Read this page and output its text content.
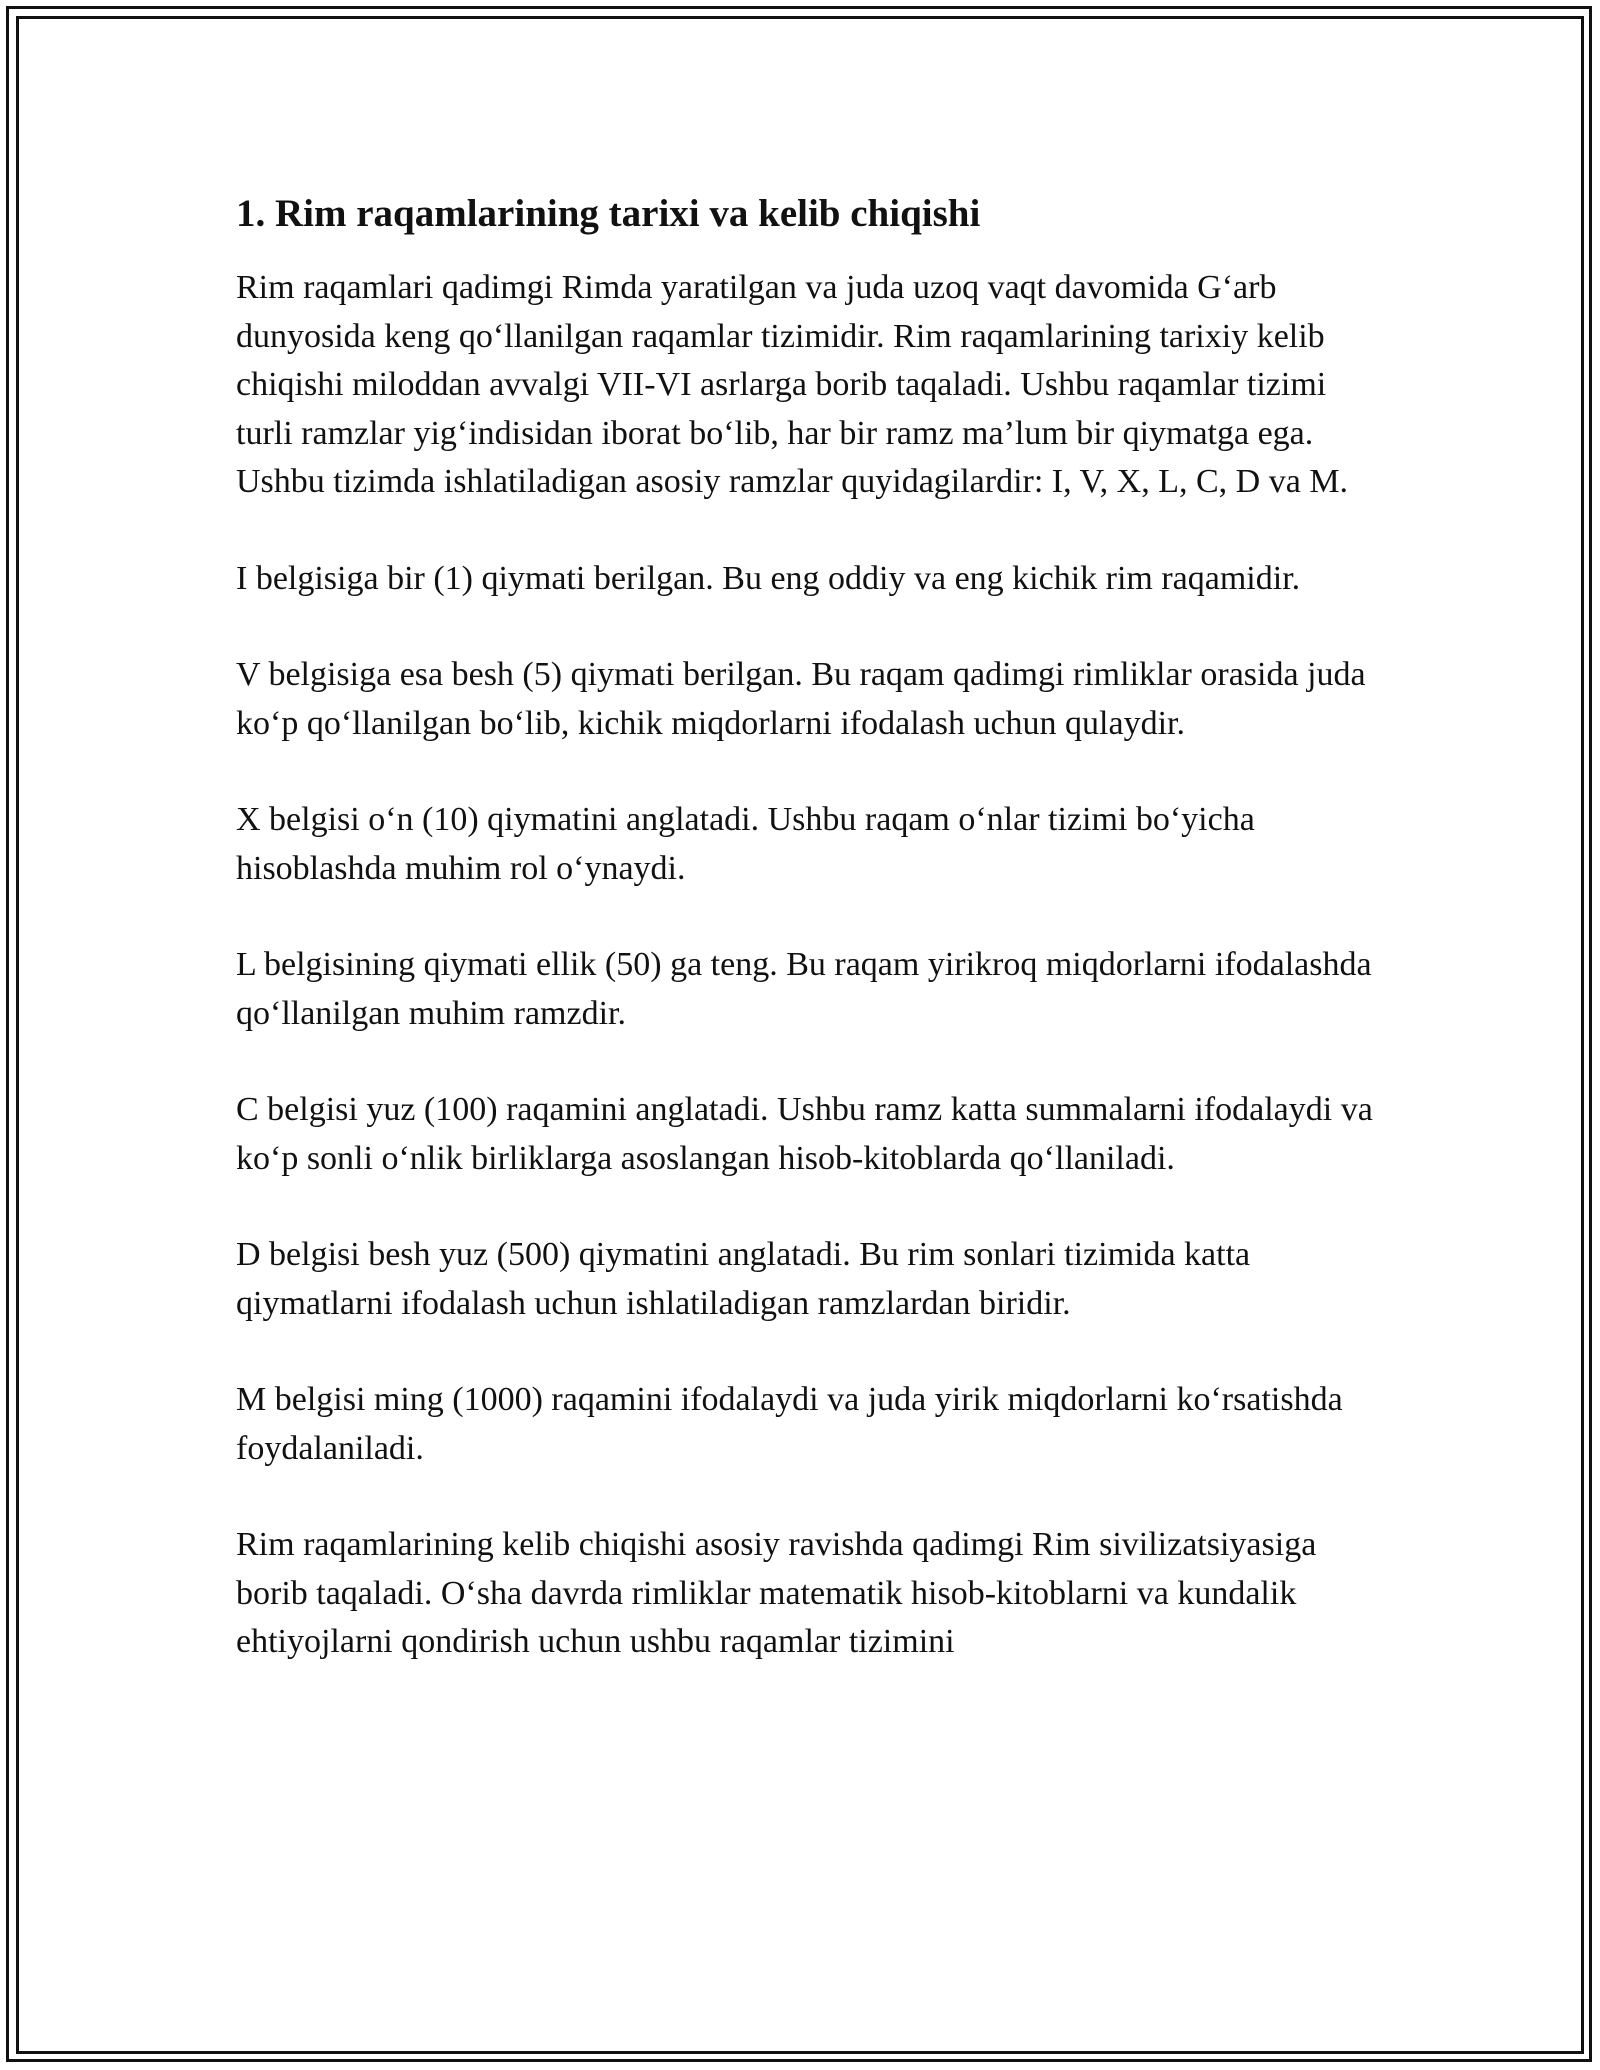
1. Rim raqamlarining tarixi va kelib chiqishi

Rim raqamlari qadimgi Rimda yaratilgan va juda uzoq vaqt davomida G‘arb dunyosida keng qo‘llanilgan raqamlar tizimidir. Rim raqamlarining tarixiy kelib chiqishi miloddan avvalgi VII-VI asrlarga borib taqaladi. Ushbu raqamlar tizimi turli ramzlar yig‘indisidan iborat bo‘lib, har bir ramz ma’lum bir qiymatga ega. Ushbu tizimda ishlatiladigan asosiy ramzlar quyidagilardir: I, V, X, L, C, D va M.

I belgisiga bir (1) qiymati berilgan. Bu eng oddiy va eng kichik rim raqamidir.

V belgisiga esa besh (5) qiymati berilgan. Bu raqam qadimgi rimliklar orasida juda ko‘p qo‘llanilgan bo‘lib, kichik miqdorlarni ifodalash uchun qulaydir.

X belgisi o‘n (10) qiymatini anglatadi. Ushbu raqam o‘nlar tizimi bo‘yicha hisoblashda muhim rol o‘ynaydi.

L belgisining qiymati ellik (50) ga teng. Bu raqam yirikroq miqdorlarni ifodalashda qo‘llanilgan muhim ramzdir.

C belgisi yuz (100) raqamini anglatadi. Ushbu ramz katta summalarni ifodalaydi va ko‘p sonli o‘nlik birliklarga asoslangan hisob-kitoblarda qo‘llaniladi.

D belgisi besh yuz (500) qiymatini anglatadi. Bu rim sonlari tizimida katta qiymatlarni ifodalash uchun ishlatiladigan ramzlardan biridir.

M belgisi ming (1000) raqamini ifodalaydi va juda yirik miqdorlarni ko‘rsatishda foydalaniladi.

Rim raqamlarining kelib chiqishi asosiy ravishda qadimgi Rim sivilizatsiyasiga borib taqaladi. O‘sha davrda rimliklar matematik hisob-kitoblarni va kundalik ehtiyojlarni qondirish uchun ushbu raqamlar tizimini
